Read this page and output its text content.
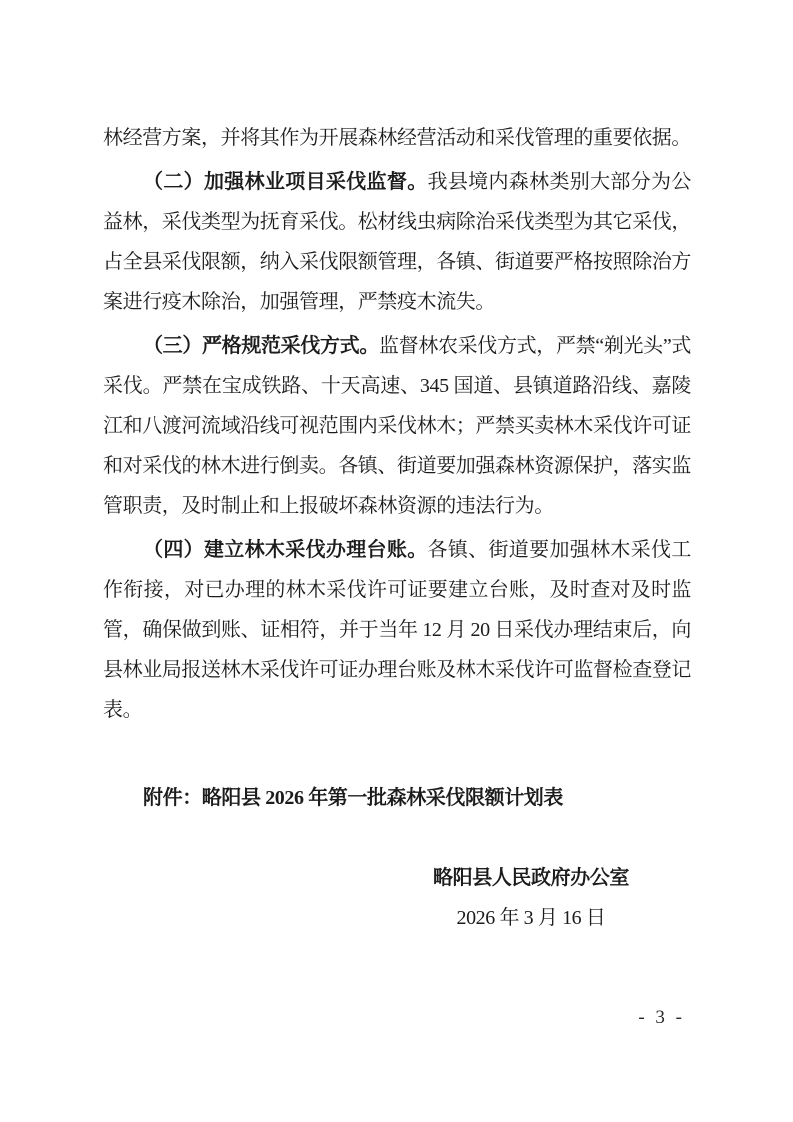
林经营方案，并将其作为开展森林经营活动和采伐管理的重要依据。

（二）加强林业项目采伐监督。我县境内森林类别大部分为公益林，采伐类型为抚育采伐。松材线虫病除治采伐类型为其它采伐，占全县采伐限额，纳入采伐限额管理，各镇、街道要严格按照除治方案进行疫木除治，加强管理，严禁疫木流失。

（三）严格规范采伐方式。监督林农采伐方式，严禁“剃光头”式采伐。严禁在宝成铁路、十天高速、345 国道、县镇道路沿线、嘉陵江和八渡河流域沿线可视范围内采伐林木；严禁买卖林木采伐许可证和对采伐的林木进行倒卖。各镇、街道要加强森林资源保护，落实监管职责，及时制止和上报破坏森林资源的违法行为。

（四）建立林木采伐办理台账。各镇、街道要加强林木采伐工作衔接，对已办理的林木采伐许可证要建立台账，及时查对及时监管，确保做到账、证相符，并于当年 12 月 20 日采伐办理结束后，向县林业局报送林木采伐许可证办理台账及林木采伐许可监督检查登记表。

附件：略阳县 2026 年第一批森林采伐限额计划表

略阳县人民政府办公室
2026 年 3 月 16 日
- 3 -
